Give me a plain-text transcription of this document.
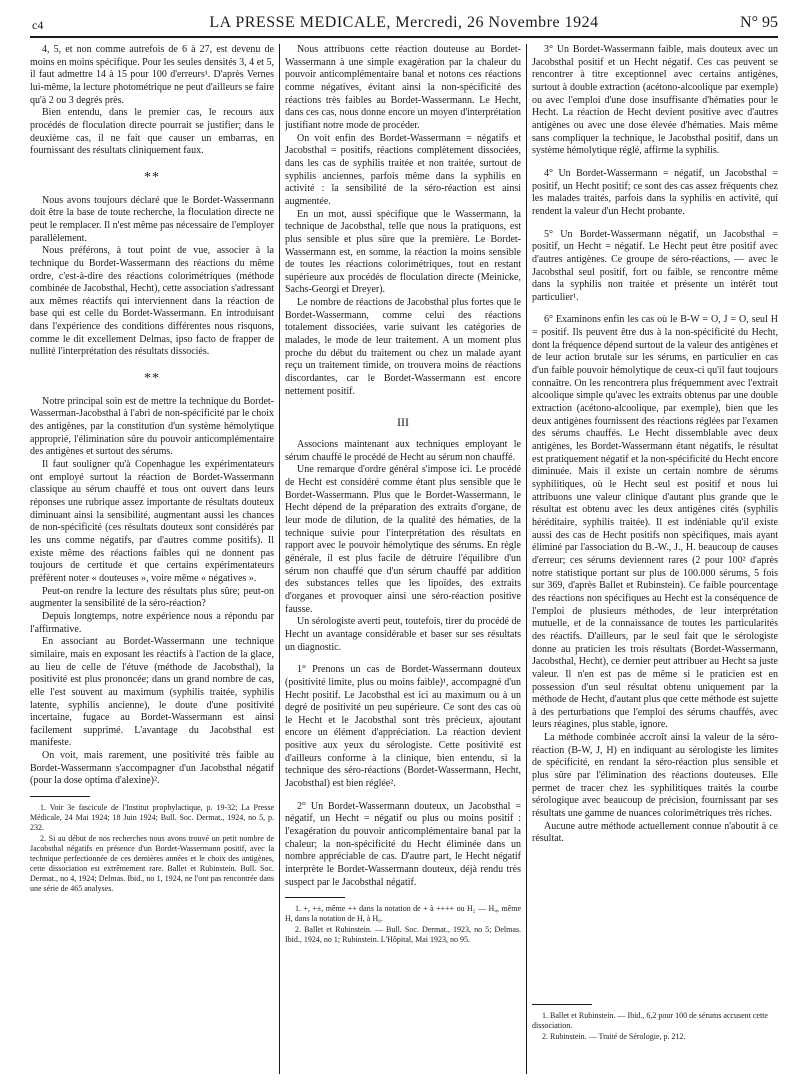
c4	LA PRESSE MEDICALE, Mercredi, 26 Novembre 1924	N° 95

4, 5, et non comme autrefois de 6 à 27, est devenu de moins en moins spécifique. Pour les seules densités 3, 4 et 5, il faut admettre 14 à 15 pour 100 d'erreurs¹. D'après Vernes lui-même, la lecture photométrique ne peut d'ailleurs se faire qu'à 2 ou 3 degrés près.

Bien entendu, dans le premier cas, le recours aux procédés de floculation directe pourrait se justifier; dans le deuxième cas, il ne fait que causer un embarras, en fournissant des résultats cliniquement faux.

**

Nous avons toujours déclaré que le Bordet-Wassermann doit être la base de toute recherche, la floculation directe ne peut le remplacer. Il n'est même pas nécessaire de l'employer parallèlement.

Nous préférons, à tout point de vue, associer à la technique du Bordet-Wassermann des réactions du même ordre, c'est-à-dire des réactions colorimétriques (méthode combinée de Jacobsthal, Hecht), cette association s'adressant aux mêmes réactifs qui interviennent dans la réaction de base qui est celle du Bordet-Wassermann. En introduisant dans l'expérience des conditions différentes nous risquons, comme le dit excellement Delmas, ipso facto de frapper de nullité l'interprétation des résultats dissociés.

**

Notre principal soin est de mettre la technique du Bordet-Wasserman-Jacobsthal à l'abri de non-spécificité par le choix des antigènes, par la constitution d'un système hémolytique approprié, l'élimination sûre du pouvoir anticomplémentaire des antigènes et surtout des sérums.

Il faut souligner qu'à Copenhague les expérimentateurs ont employé surtout la réaction de Bordet-Wassermann classique au sérum chauffé et tous ont ouvert dans leurs réponses une rubrique assez importante de résultats douteux diminuant ainsi la sensibilité, augmentant aussi les chances de non-spécificité (ces résultats douteux sont considérés par les uns comme négatifs, par d'autres comme positifs). Il existe même des réactions faibles qui ne donnent pas toujours de certitude et que certains expérimentateurs préfèrent noter « douteuses », voire même « négatives ».

Peut-on rendre la lecture des résultats plus sûre; peut-on augmenter la sensibilité de la séro-réaction?

Depuis longtemps, notre expérience nous a répondu par l'affirmative.

En associant au Bordet-Wassermann une technique similaire, mais en exposant les réactifs à l'action de la glace, au lieu de celle de l'étuve (méthode de Jacobsthal), la positivité est plus prononcée; dans un grand nombre de cas, elle l'est souvent au maximum (syphilis traitée, syphilis latente, syphilis ancienne), le doute d'une positivité incertaine, fugace au Bordet-Wassermann est ainsi facilement supprimé. L'avantage du Jacobsthal est manifeste.

On voit, mais rarement, une positivité très faible au Bordet-Wassermann s'accompagner d'un Jacobsthal négatif (pour la dose optima d'alexine)².

1. Voir 3e fascicule de l'Institut prophylactique, p. 19-32; La Presse Médicale, 24 Mai 1924; 18 Juin 1924; Bull. Soc. Dermat., 1924, no 5, p. 232.

2. Si au début de nos recherches nous avons trouvé un petit nombre de Jacobsthal négatifs en présence d'un Bordet-Wassermann positif, avec la technique perfectionnée de ces dernières années et le choix des antigènes, cette dissociation est extrêmement rare. Ballet et Rubinstein. Bull. Soc. Dermat., no 4, 1924; Delmas. Ibid., no 1, 1924, ne l'ont pas rencontrée dans une série de 465 analyses.

Nous attribuons cette réaction douteuse au Bordet-Wassermann à une simple exagération par la chaleur du pouvoir anticomplémentaire banal et notons ces réactions comme négatives, évitant ainsi la non-spécificité des réactions très faibles au Bordet-Wassermann. Le Hecht, dans ces cas, nous donne encore un moyen d'interprétation justifiant notre mode de procéder.

On voit enfin des Bordet-Wassermann = négatifs et Jacobsthal = positifs, réactions complètement dissociées, dans les cas de syphilis traitée et non traitée, surtout de syphilis anciennes, parfois même dans la syphilis en activité : la sensibilité de la séro-réaction est ainsi augmentée.

En un mot, aussi spécifique que le Wassermann, la technique de Jacobsthal, telle que nous la pratiquons, est plus sensible et plus sûre que la première. Le Bordet-Wassermann est, en somme, la réaction la moins sensible de toutes les réactions colorimétriques, tout en restant supérieure aux procédés de floculation directe (Meinicke, Sachs-Georgi et Dreyer).

Le nombre de réactions de Jacobsthal plus fortes que le Bordet-Wassermann, comme celui des réactions totalement dissociées, varie suivant les catégories de malades, le mode de leur traitement. A un moment plus proche du début du traitement ou chez un malade ayant reçu un traitement timide, on trouvera moins de réactions discordantes, car le Bordet-Wassermann est encore nettement positif.

III

Associons maintenant aux techniques employant le sérum chauffé le procédé de Hecht au sérum non chauffé.

Une remarque d'ordre général s'impose ici. Le procédé de Hecht est considéré comme étant plus sensible que le Bordet-Wassermann. Plus que le Bordet-Wassermann, le Hecht dépend de la préparation des extraits d'organe, de leur mode de dilution, de la qualité des hématies, de la technique suivie pour l'interprétation des résultats en rapport avec le pouvoir hémolytique des sérums. En règle générale, il est plus facile de détruire l'équilibre d'un sérum non chauffé que d'un sérum chauffé par addition des substances telles que les lipoïdes, des extraits d'organes et provoquer ainsi une séro-réaction positive fausse.

Un sérologiste averti peut, toutefois, tirer du procédé de Hecht un avantage considérable et baser sur ses résultats un diagnostic.

1° Prenons un cas de Bordet-Wassermann douteux (positivité limite, plus ou moins faible)¹, accompagné d'un Hecht positif. Le Jacobsthal est ici au maximum ou à un degré de positivité un peu supérieure. Ce sont des cas où le Hecht et le Jacobsthal sont très précieux, ajoutant encore un élément d'appréciation. La réaction devient positive aux yeux du sérologiste. Cette positivité est d'ailleurs conforme à la clinique, bien entendu, si la technique des séro-réactions (Bordet-Wassermann, Hecht, Jacobsthal) est bien réglée².

2° Un Bordet-Wassermann douteux, un Jacobsthal = négatif, un Hecht = négatif ou plus ou moins positif : l'exagération du pouvoir anticomplémentaire banal par la chaleur; la non-spécificité du Hecht éliminée dans un nombre appréciable de cas. D'autre part, le Hecht négatif interprète le Bordet-Wassermann douteux, déjà rendu très suspect par le Jacobsthal négatif.

1. +, +±, même ++ dans la notation de + à ++++ ou H₂ — H₄, même H, dans la notation de H, à H₈.

2. Ballet et Rubinstein. — Bull. Soc. Dermat., 1923, no 5; Delmas. Ibid., 1924, no 1; Rubinstein. L'Hôpital, Mai 1923, no 95.

3° Un Bordet-Wassermann faible, mais douteux avec un Jacobsthal positif et un Hecht négatif. Ces cas peuvent se rencontrer à titre exceptionnel avec certains antigènes, surtout à double extraction (acétono-alcoolique par exemple) ou avec l'emploi d'une dose insuffisante d'hématies pour le Hecht. La réaction de Hecht devient positive avec d'autres antigènes ou avec une dose élevée d'hématies. Mais même sans compliquer la technique, le Jacobsthal positif, dans un système hémolytique réglé, affirme la syphilis.

4° Un Bordet-Wassermann = négatif, un Jacobsthal = positif, un Hecht positif; ce sont des cas assez fréquents chez les malades traités, parfois dans la syphilis en activité, qui rendent la valeur d'un Hecht probante.

5° Un Bordet-Wassermann négatif, un Jacobsthal = positif, un Hecht = négatif. Le Hecht peut être positif avec d'autres antigènes. Ce groupe de séro-réactions, — avec le Jacobsthal seul positif, fort ou faible, se rencontre même dans la syphilis non traitée et présente un intérêt tout particulier¹.

6° Examinons enfin les cas où le B-W = O, J = O, seul H = positif. Ils peuvent être dus à la non-spécificité du Hecht, dont la fréquence dépend surtout de la valeur des antigènes et de leur action brutale sur les sérums, en particulier en cas d'un faible pouvoir hémolytique de ceux-ci qu'il faut toujours connaître. On les rencontrera plus fréquemment avec l'extrait alcoolique simple qu'avec les extraits obtenus par une double extraction (acétono-alcoolique, par exemple), bien que les deux antigènes fournissent des réactions réglées par l'examen des sérums chauffés. Le Hecht dissemblable avec deux antigènes, les Bordet-Wassermann étant négatifs, le résultat est pratiquement négatif et la non-spécificité du Hecht encore diminuée. Mais il existe un certain nombre de sérums syphilitiques, où le Hecht seul est positif et nous lui attribuons une valeur clinique d'autant plus grande que le résultat est obtenu avec les deux antigènes cités (syphilis héréditaire, syphilis traitée). Il est indéniable qu'il existe aussi des cas de Hecht positifs non spécifiques, mais ayant éliminé par l'association du B.-W., J., H. beaucoup de causes d'erreur; ces sérums deviennent rares (2 pour 100² d'après notre statistique portant sur plus de 100.000 sérums, 5 fois sur 369, d'après Ballet et Rubinstein). Ce faible pourcentage des réactions non spécifiques au Hecht est la conséquence de l'emploi de plusieurs méthodes, de leur interprétation mutuelle, et de la connaissance de toutes les particularités des réactifs. D'ailleurs, par le seul fait que le sérologiste donne au praticien les trois résultats (Bordet-Wassermann, Jacobsthal, Hecht), ce dernier peut attribuer au Hecht sa juste valeur. Il n'en est pas de même si le praticien est en possession d'un seul résultat obtenu uniquement par la méthode de Hecht, d'autant plus que cette méthode est sujette à des perturbations que l'emploi des sérums chauffés, avec leurs réagines, plus stable, ignore.

La méthode combinée accroît ainsi la valeur de la séro-réaction (B-W, J, H) en indiquant au sérologiste les limites de spécificité, en rendant la séro-réaction plus sensible et plus sûre par l'élimination des réactions douteuses. Elle permet de tracer chez les syphilitiques traités la courbe sérologique avec beaucoup de précision, fournissant par ses résultats une gamme de nuances colorimétriques très riches.

Aucune autre méthode actuellement connue n'aboutit à ce résultat.

1. Ballet et Rubinstein. — Ibid., 6,2 pour 100 de sérums accusent cette dissociation.

2. Rubinstein. — Traité de Sérologie, p. 212.
